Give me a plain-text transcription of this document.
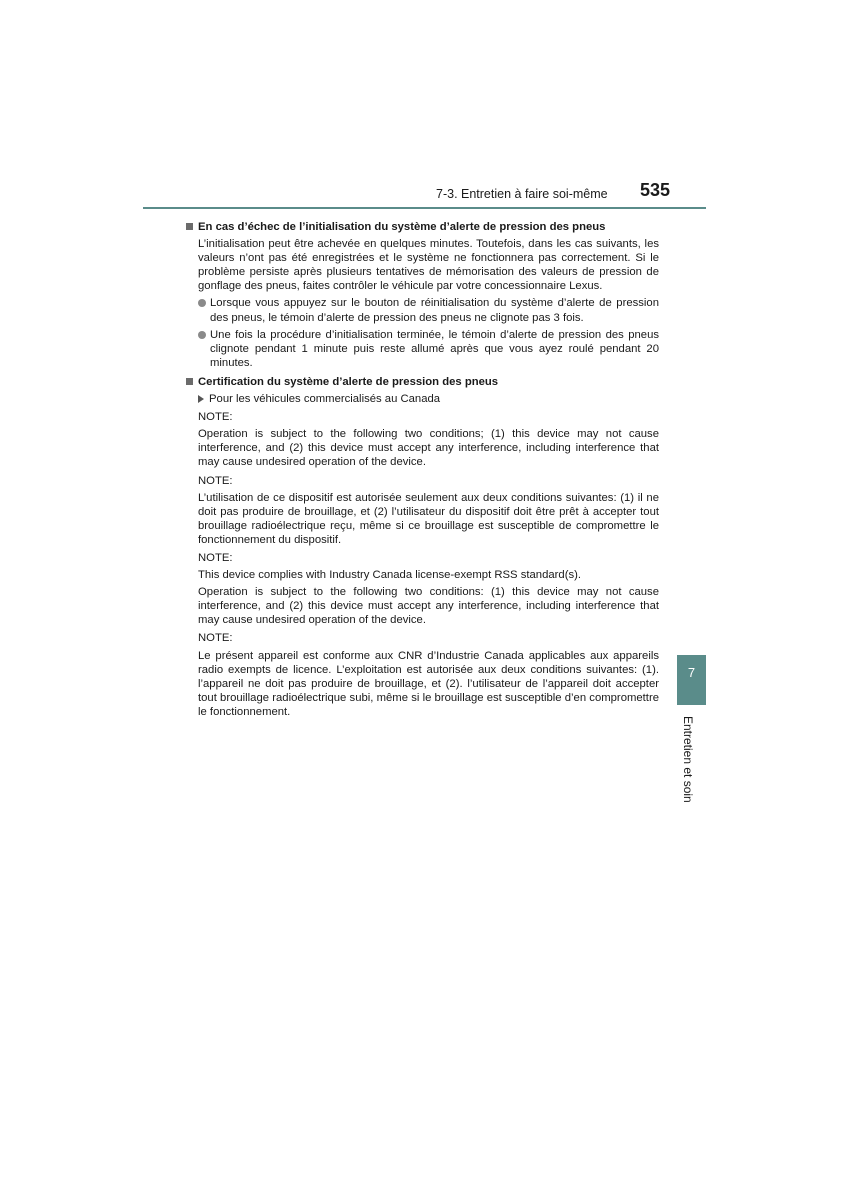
7-3. Entretien à faire soi-même 535
En cas d’échec de l’initialisation du système d’alerte de pression des pneus
L’initialisation peut être achevée en quelques minutes. Toutefois, dans les cas suivants, les valeurs n’ont pas été enregistrées et le système ne fonctionnera pas correctement. Si le problème persiste après plusieurs tentatives de mémorisation des valeurs de pression de gonflage des pneus, faites contrôler le véhicule par votre concessionnaire Lexus.
Lorsque vous appuyez sur le bouton de réinitialisation du système d’alerte de pression des pneus, le témoin d’alerte de pression des pneus ne clignote pas 3 fois.
Une fois la procédure d’initialisation terminée, le témoin d’alerte de pression des pneus clignote pendant 1 minute puis reste allumé après que vous ayez roulé pendant 20 minutes.
Certification du système d’alerte de pression des pneus
Pour les véhicules commercialisés au Canada
NOTE:
Operation is subject to the following two conditions; (1) this device may not cause interference, and (2) this device must accept any interference, including interference that may cause undesired operation of the device.
NOTE:
L’utilisation de ce dispositif est autorisée seulement aux deux conditions suivantes: (1) il ne doit pas produire de brouillage, et (2) l’utilisateur du dispositif doit être prêt à accepter tout brouillage radioélectrique reçu, même si ce brouillage est susceptible de compromettre le fonctionnement du dispositif.
NOTE:
This device complies with Industry Canada license-exempt RSS standard(s).
Operation is subject to the following two conditions: (1) this device may not cause interference, and (2) this device must accept any interference, including interference that may cause undesired operation of the device.
NOTE:
Le présent appareil est conforme aux CNR d’Industrie Canada applicables aux appareils radio exempts de licence. L’exploitation est autorisée aux deux conditions suivantes: (1). l’appareil ne doit pas produire de brouillage, et (2). l’utilisateur de l’appareil doit accepter tout brouillage radioélectrique subi, même si le brouillage est susceptible d’en compromettre le fonctionnement.
7
Entretien et soin
